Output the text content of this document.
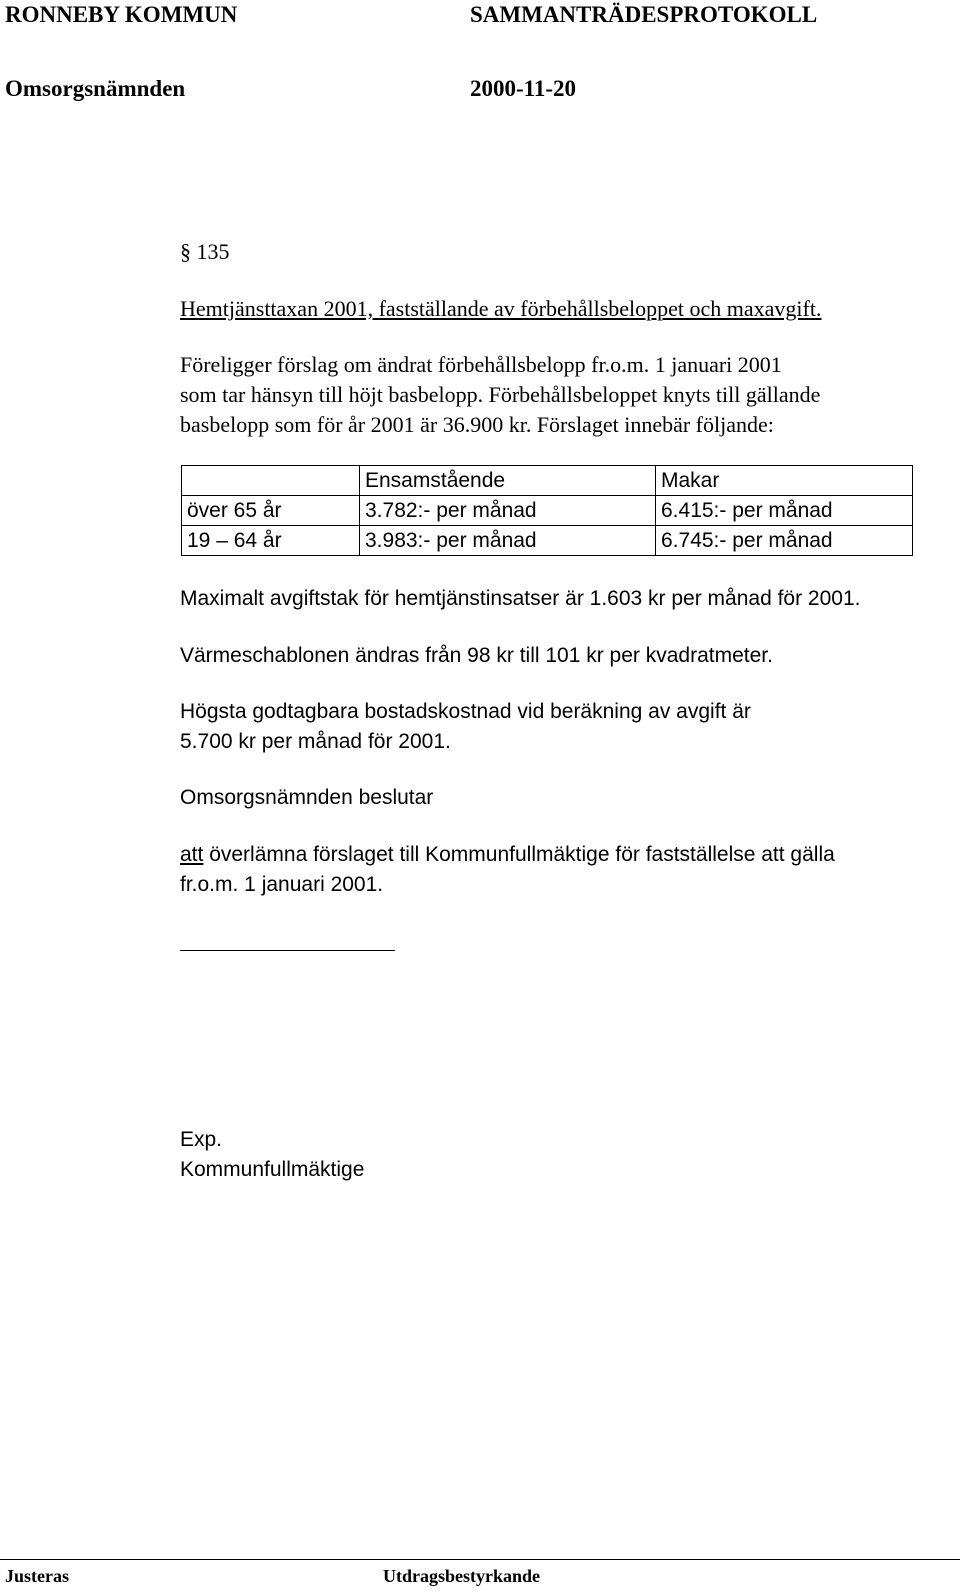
RONNEBY KOMMUN	SAMMANTRÄDESPROTOKOLL
Omsorgsnämnden	2000-11-20
§ 135
Hemtjänsttaxan 2001, fastställande av förbehållsbeloppet och maxavgift.
Föreligger förslag om ändrat förbehållsbelopp fr.o.m. 1 januari 2001
som tar hänsyn till höjt basbelopp. Förbehållsbeloppet knyts till gällande
basbelopp som för år 2001 är 36.900 kr. Förslaget innebär följande:
	Ensamstående	Makar
över 65 år	3.782:- per månad	6.415:- per månad
19 – 64 år	3.983:- per månad	6.745:- per månad
Maximalt avgiftstak för hemtjänstinsatser är 1.603 kr per månad för 2001.
Värmeschablonen ändras från 98 kr till 101 kr per kvadratmeter.
Högsta godtagbara bostadskostnad vid beräkning av avgift är
5.700 kr per månad för 2001.
Omsorgsnämnden beslutar
att överlämna förslaget till Kommunfullmäktige för fastställelse att gälla
fr.o.m. 1 januari 2001.
Exp.
Kommunfullmäktige
Justeras	Utdragsbestyrkande
